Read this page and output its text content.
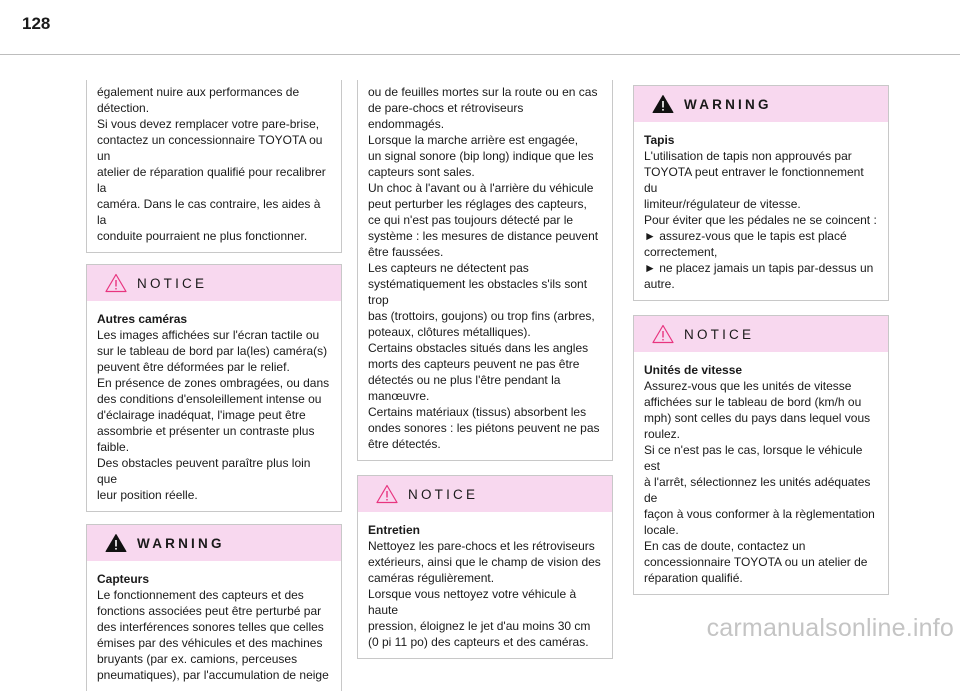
128

également nuire aux performances de
détection.
Si vous devez remplacer votre pare-brise,
contactez un concessionnaire TOYOTA ou un
atelier de réparation qualifié pour recalibrer la
caméra. Dans le cas contraire, les aides à la
conduite pourraient ne plus fonctionner.

NOTICE

Autres caméras

Les images affichées sur l'écran tactile ou
sur le tableau de bord par la(les) caméra(s)
peuvent être déformées par le relief.
En présence de zones ombragées, ou dans
des conditions d'ensoleillement intense ou
d'éclairage inadéquat, l'image peut être
assombrie et présenter un contraste plus
faible.
Des obstacles peuvent paraître plus loin que
leur position réelle.

WARNING

Capteurs

Le fonctionnement des capteurs et des
fonctions associées peut être perturbé par
des interférences sonores telles que celles
émises par des véhicules et des machines
bruyants (par ex. camions, perceuses
pneumatiques), par l'accumulation de neige

ou de feuilles mortes sur la route ou en cas
de pare-chocs et rétroviseurs endommagés.
Lorsque la marche arrière est engagée,
un signal sonore (bip long) indique que les
capteurs sont sales.
Un choc à l'avant ou à l'arrière du véhicule
peut perturber les réglages des capteurs,
ce qui n'est pas toujours détecté par le
système : les mesures de distance peuvent
être faussées.
Les capteurs ne détectent pas
systématiquement les obstacles s'ils sont trop
bas (trottoirs, goujons) ou trop fins (arbres,
poteaux, clôtures métalliques).
Certains obstacles situés dans les angles
morts des capteurs peuvent ne pas être
détectés ou ne plus l'être pendant la
manœuvre.
Certains matériaux (tissus) absorbent les
ondes sonores : les piétons peuvent ne pas
être détectés.

NOTICE

Entretien

Nettoyez les pare-chocs et les rétroviseurs
extérieurs, ainsi que le champ de vision des
caméras régulièrement.
Lorsque vous nettoyez votre véhicule à haute
pression, éloignez le jet d'au moins 30 cm
(0 pi 11 po) des capteurs et des caméras.

WARNING

Tapis

L'utilisation de tapis non approuvés par
TOYOTA peut entraver le fonctionnement du
limiteur/régulateur de vitesse.
Pour éviter que les pédales ne se coincent :
► assurez-vous que le tapis est placé
correctement,
► ne placez jamais un tapis par-dessus un
autre.

NOTICE

Unités de vitesse

Assurez-vous que les unités de vitesse
affichées sur le tableau de bord (km/h ou
mph) sont celles du pays dans lequel vous
roulez.
Si ce n'est pas le cas, lorsque le véhicule est
à l'arrêt, sélectionnez les unités adéquates de
façon à vous conformer à la règlementation
locale.
En cas de doute, contactez un
concessionnaire TOYOTA ou un atelier de
réparation qualifié.

carmanualsonline.info
